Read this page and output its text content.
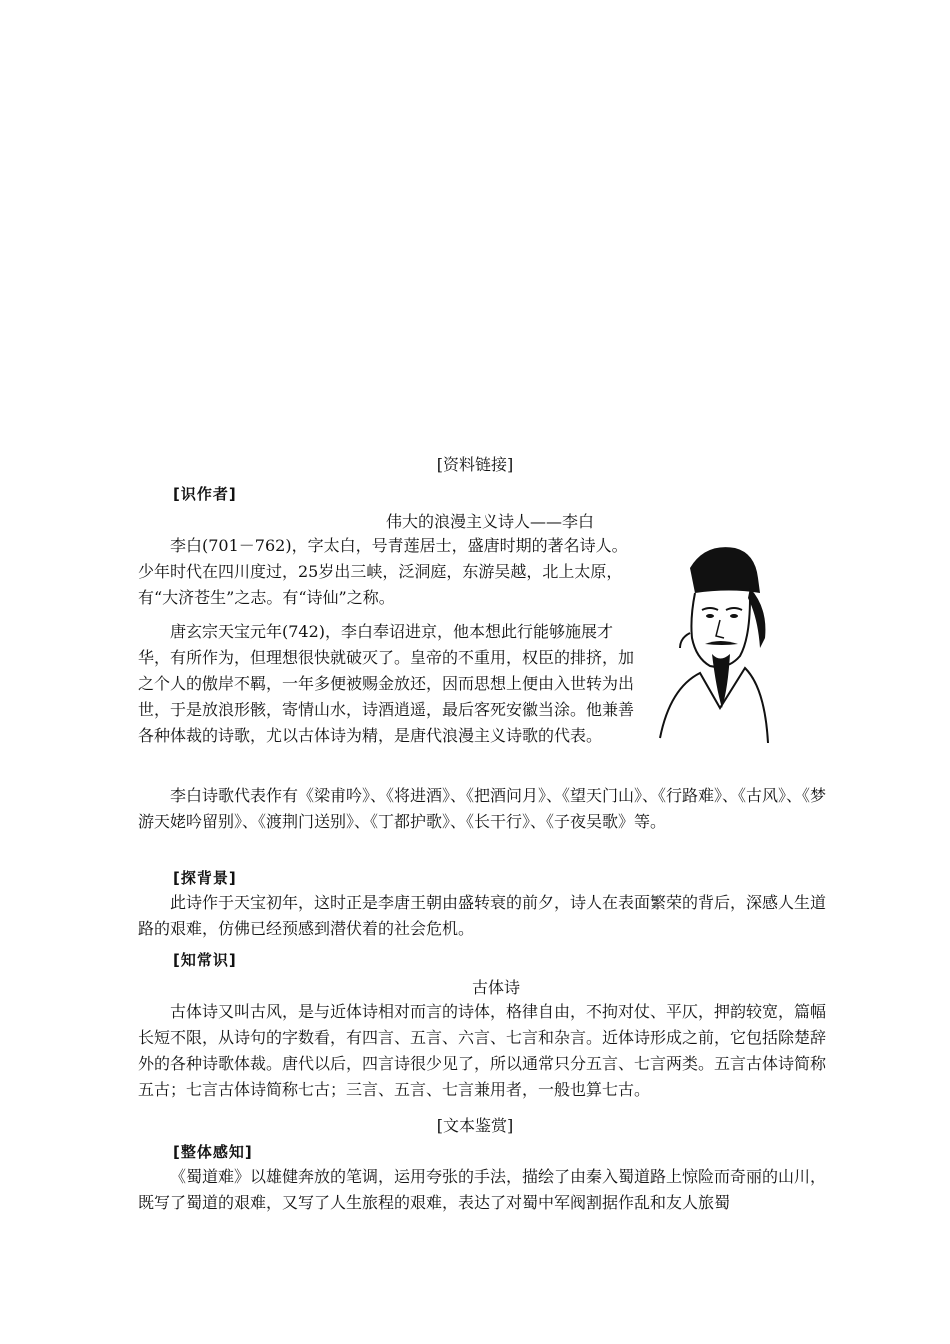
[资料链接]
[识作者]
伟大的浪漫主义诗人——李白

李白(701－762)，字太白，号青莲居士，盛唐时期的著名诗人。少年时代在四川度过，25岁出三峡，泛洞庭，东游吴越，北上太原，有“大济苍生”之志。有“诗仙”之称。

唐玄宗天宝元年(742)，李白奉诏进京，他本想此行能够施展才华，有所作为，但理想很快就破灭了。皇帝的不重用，权臣的排挤，加之个人的傲岸不羁，一年多便被赐金放还，因而思想上便由入世转为出世，于是放浪形骸，寄情山水，诗酒逍遥，最后客死安徽当涂。他兼善各种体裁的诗歌，尤以古体诗为精，是唐代浪漫主义诗歌的代表。

李白诗歌代表作有《梁甫吟》、《将进酒》、《把酒问月》、《望天门山》、《行路难》、《古风》、《梦游天姥吟留别》、《渡荆门送别》、《丁都护歌》、《长干行》、《子夜吴歌》等。

[探背景]

此诗作于天宝初年，这时正是李唐王朝由盛转衰的前夕，诗人在表面繁荣的背后，深感人生道路的艰难，仿佛已经预感到潜伏着的社会危机。

[知常识]
古体诗

古体诗又叫古风，是与近体诗相对而言的诗体，格律自由，不拘对仗、平仄，押韵较宽，篇幅长短不限，从诗句的字数看，有四言、五言、六言、七言和杂言。近体诗形成之前，它包括除楚辞外的各种诗歌体裁。唐代以后，四言诗很少见了，所以通常只分五言、七言两类。五言古体诗简称五古；七言古体诗简称七古；三言、五言、七言兼用者，一般也算七古。

[文本鉴赏]
[整体感知]

《蜀道难》以雄健奔放的笔调，运用夸张的手法，描绘了由秦入蜀道路上惊险而奇丽的山川，既写了蜀道的艰难，又写了人生旅程的艰难，表达了对蜀中军阀割据作乱和友人旅蜀
